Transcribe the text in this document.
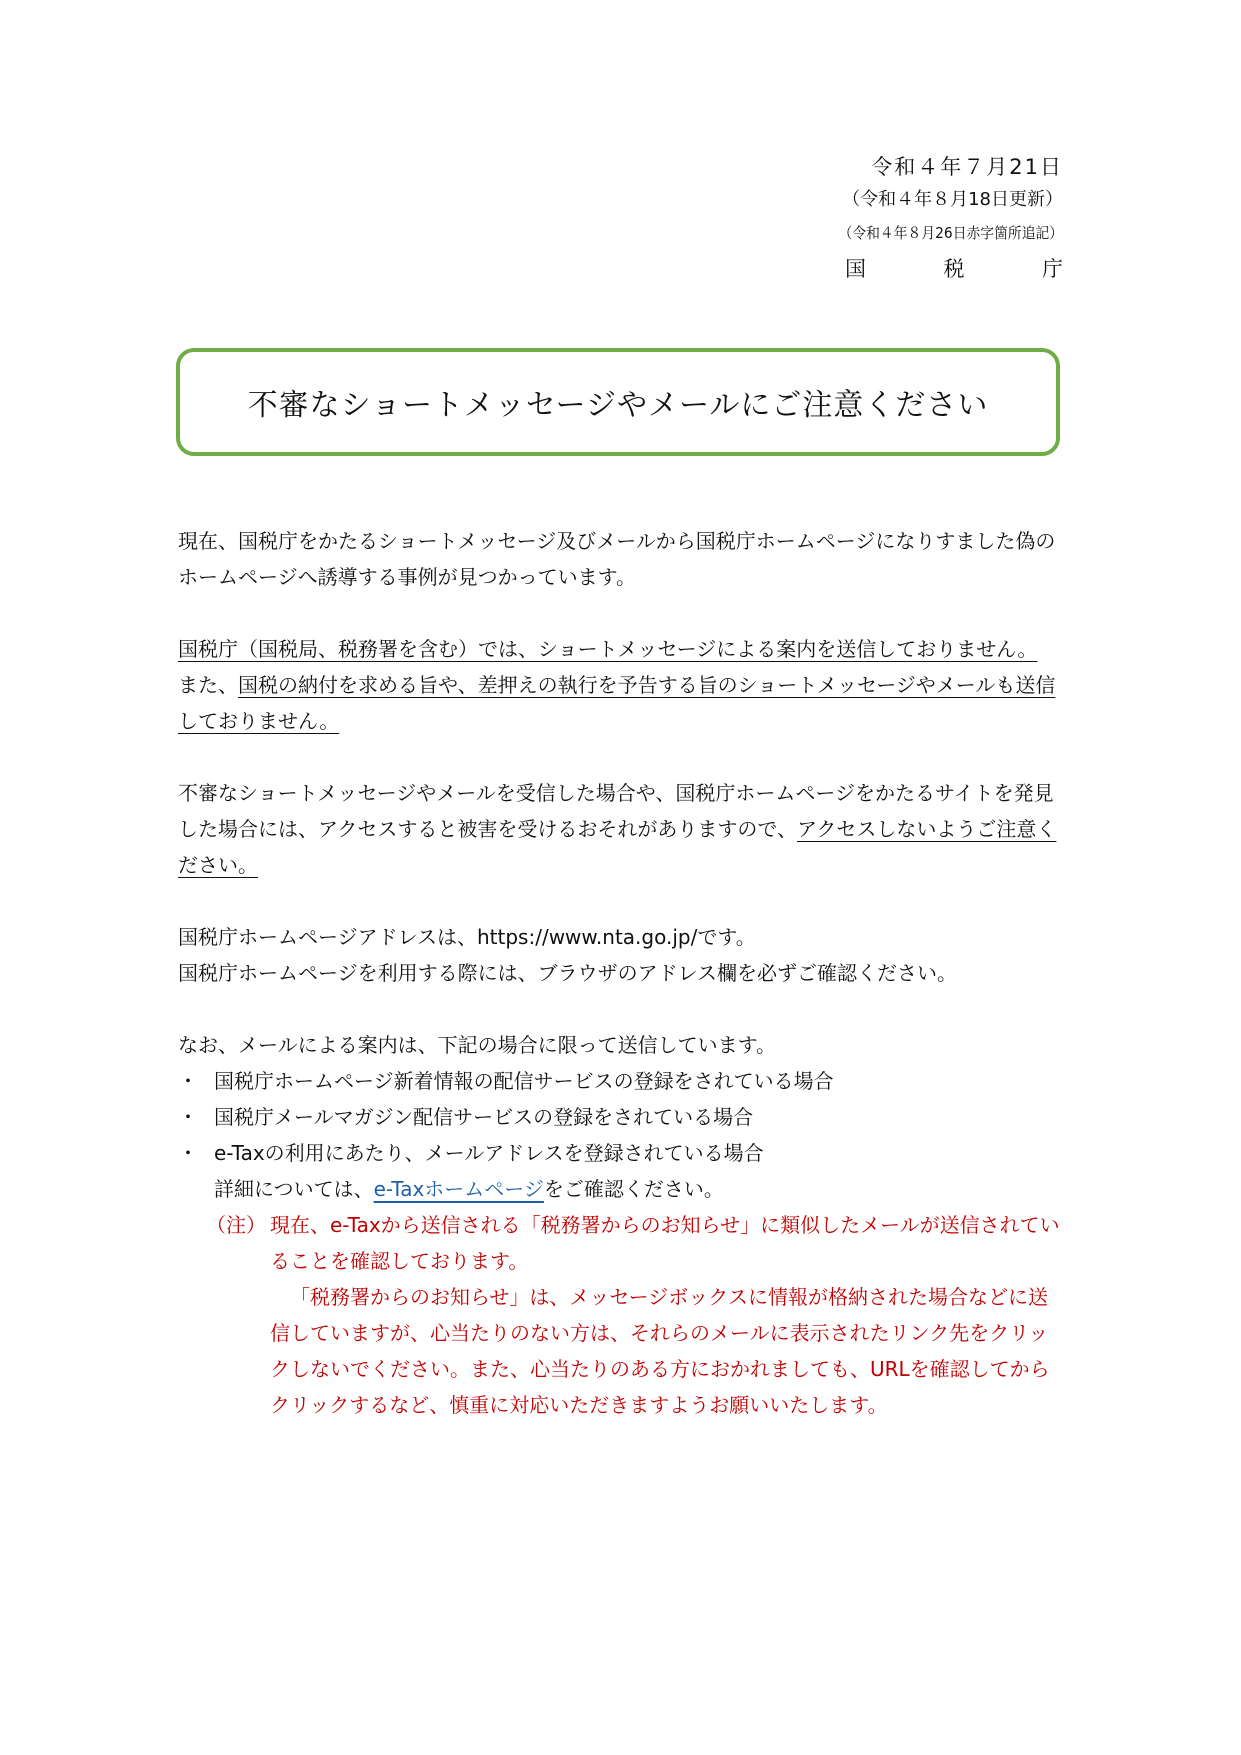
令和４年７月21日
（令和４年８月18日更新）
（令和４年８月26日赤字箇所追記）
国	税	庁
不審なショートメッセージやメールにご注意ください

現在、国税庁をかたるショートメッセージ及びメールから国税庁ホームページになりすました偽のホームページへ誘導する事例が見つかっています。

国税庁（国税局、税務署を含む）では、ショートメッセージによる案内を送信しておりません。

また、国税の納付を求める旨や、差押えの執行を予告する旨のショートメッセージやメールも送信しておりません。

不審なショートメッセージやメールを受信した場合や、国税庁ホームページをかたるサイトを発見した場合には、アクセスすると被害を受けるおそれがありますので、アクセスしないようご注意ください。

国税庁ホームページアドレスは、https://www.nta.go.jp/です。

国税庁ホームページを利用する際には、ブラウザのアドレス欄を必ずご確認ください。

なお、メールによる案内は、下記の場合に限って送信しています。

・ 国税庁ホームページ新着情報の配信サービスの登録をされている場合
・ 国税庁メールマガジン配信サービスの登録をされている場合
・ e-Taxの利用にあたり、メールアドレスを登録されている場合

詳細については、e-Taxホームページをご確認ください。

（注） 現在、e-Taxから送信される「税務署からのお知らせ」に類似したメールが送信されていることを確認しております。

「税務署からのお知らせ」は、メッセージボックスに情報が格納された場合などに送信していますが、心当たりのない方は、それらのメールに表示されたリンク先をクリックしないでください。また、心当たりのある方におかれましても、URLを確認してからクリックするなど、慎重に対応いただきますようお願いいたします。
